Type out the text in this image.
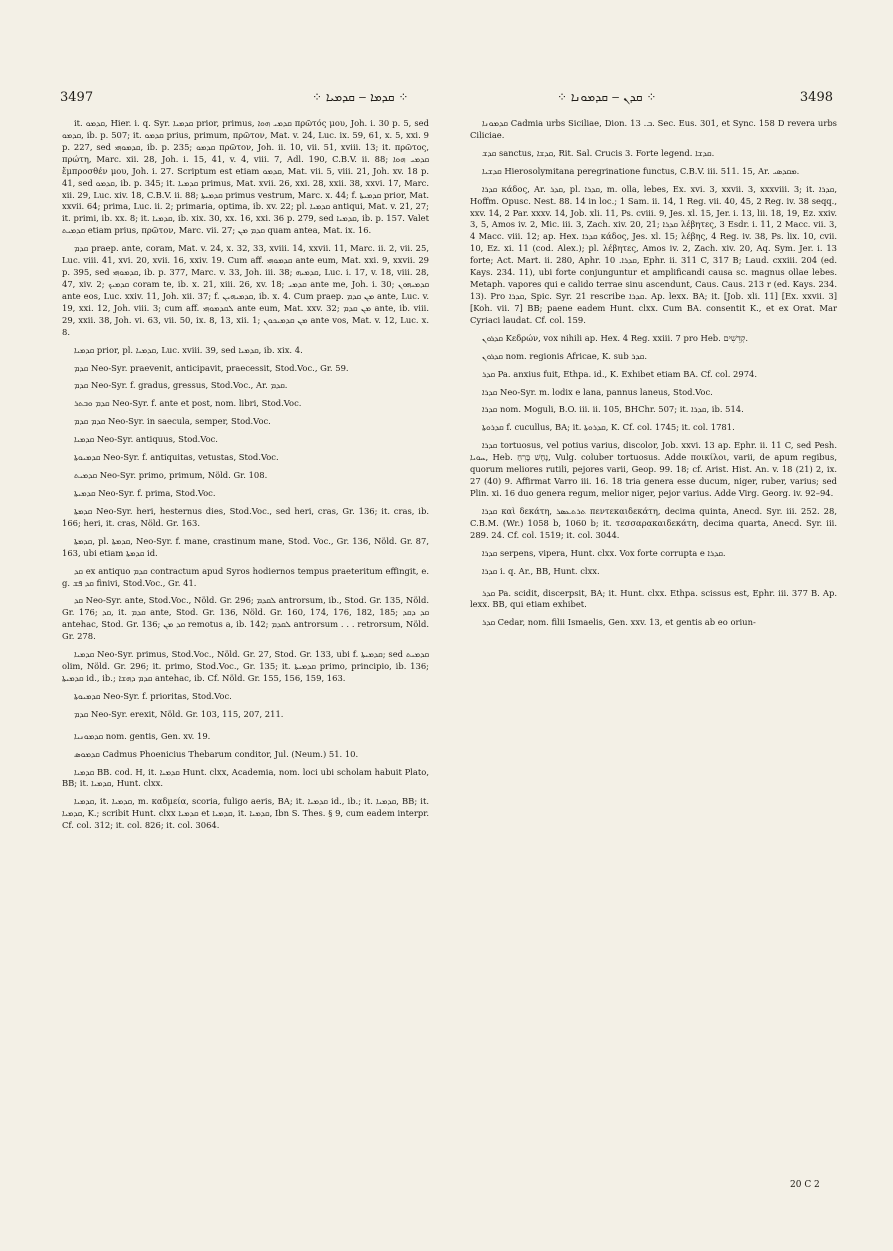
3497	⁘ ܩܕܡܐ ‒ ܩܕܡܝܐ ⁘	⁘ ܩܕܢ ‒ ܩܕܡܘܢܐ ⁘	3498

it. ܩܕܡܘ, Hier. i. q. Syr. ܩܕܡܝܐ prior, primus, ܩܕܡܝ ܗܘܐ πρῶτός μου, Joh. i. 30 p. 5, sed ܩܕܡܘ, ib. p. 507; it. ܩܕܡܘ prius, primum, πρῶτον, Mat. v. 24, Luc. ix. 59, 61, x. 5, xxi. 9 p. 227, sed ܩܕܡܘܗܝ, ib. p. 235; ܩܕܡܘ πρῶτον, Joh. ii. 10, vii. 51, xviii. 13; it. πρῶτος, πρώτη, Marc. xii. 28, Joh. i. 15, 41, v. 4, viii. 7, Adl. 190, C.B.V. ii. 88; ܩܕܡܝ ܗܘܐ ἔμπροσθέν μου, Joh. i. 27. Scriptum est etiam ܩܕܡܘ, Mat. vii. 5, viii. 21, Joh. xv. 18 p. 41, sed ܩܕܡܘ, ib. p. 345; it. ܩܕܡܝܐ primus, Mat. xvii. 26, xxi. 28, xxii. 38, xxvi. 17, Marc. xii. 29, Luc. xiv. 18, C.B.V. ii. 88; ܩܕܡܝܬܐ primus vestrum, Marc. x. 44; f. ܩܕܡܝܬܐ prior, Mat. xxvii. 64; prima, Luc. ii. 2; primaria, optima, ib. xv. 22; pl. ܩܕܡܝܐ antiqui, Mat. v. 21, 27; it. primi, ib. xx. 8; it. ܩܕܡܝܐ, ib. xix. 30, xx. 16, xxi. 36 p. 279, sed ܩܕܡܝܐ, ib. p. 157. Valet ܩܕܡܝܬ etiam prius, πρῶτον, Marc. vii. 27; ܩܕܡ ܡܢ quam antea, Mat. ix. 16.

ܩܕܡ praep. ante, coram, Mat. v. 24, x. 32, 33, xviii. 14, xxvii. 11, Marc. ii. 2, vii. 25, Luc. viii. 41, xvi. 20, xvii. 16, xxiv. 19. Cum aff. ܩܕܡܘܗܝ ante eum, Mat. xxi. 9, xxvii. 29 p. 395, sed ܩܕܡܘܗܝ, ib. p. 377, Marc. v. 33, Joh. iii. 38; ܩܕܡܝܗ, Luc. i. 17, v. 18, viii. 28, 47, xiv. 2; ܩܕܡܝܟ coram te, ib. x. 21, xiii. 26, xv. 18; ܩܕܡܝ ante me, Joh. i. 30; ܩܕܡܝܗܘܢ ante eos, Luc. xxiv. 11, Joh. xii. 37; f. ܩܕܡܝܗܝܢ, ib. x. 4. Cum praep. ܡܢ ܩܕܡ ante, Luc. v. 19, xxi. 12, Joh. viii. 3; cum aff. ܠܩܕܡܘܗܝ ante eum, Mat. xxv. 32; ܡܢ ܩܕܡ ante, ib. viii. 29, xxii. 38, Joh. vi. 63, vii. 50, ix. 8, 13, xii. 1; ܡܢ ܩܕܡܝܟܘܢ ante vos, Mat. v. 12, Luc. x. 8.

ܩܕܡܝܐ prior, pl. ܩܕܡܝܐ, Luc. xviii. 39, sed ܩܕܡܝܐ, ib. xix. 4.

ܩܕܡ Neo-Syr. praevenit, anticipavit, praecessit, Stod.Voc., Gr. 59.

ܩܕܡ Neo-Syr. f. gradus, gressus, Stod.Voc., Ar. ܩܕܡ.

ܩܕܡ ܘܒܬܪ Neo-Syr. f. ante et post, nom. libri, Stod.Voc.

ܩܕܡ ܩܕܡ Neo-Syr. in saecula, semper, Stod.Voc.

ܩܕܡܝܐ Neo-Syr. antiquus, Stod.Voc.

ܩܕܡܝܘܬܐ Neo-Syr. f. antiquitas, vetustas, Stod.Voc.

ܩܕܡܝܬ Neo-Syr. primo, primum, Nöld. Gr. 108.

ܩܕܡܝܬܐ Neo-Syr. f. prima, Stod.Voc.

ܩܕܡܬܐ Neo-Syr. heri, hesternus dies, Stod.Voc., sed heri, cras, Gr. 136; it. cras, ib. 166; heri, it. cras, Nöld. Gr. 163.

ܩܕܡܬܐ, pl. ܩܕܡܬܐ, Neo-Syr. f. mane, crastinum mane, Stod. Voc., Gr. 136, Nöld. Gr. 87, 163, ubi etiam ܩܕܡܬܐ id.

ܩܕ ex antiquo ܩܕܡ contractum apud Syros hodiernos tempus praeteritum effingit, e. g. ܩܕ ܦܫ finivi, Stod.Voc., Gr. 41.

ܩܕ Neo-Syr. ante, Stod.Voc., Nöld. Gr. 296; ܠܩܕܡ antrorsum, ib., Stod. Gr. 135, Nöld. Gr. 176; ܩܕ, it. ܩܕܡ ante, Stod. Gr. 136, Nöld. Gr. 160, 174, 176, 182, 185; ܩܕ ܕܩܕ antehac, Stod. Gr. 136; ܩܕ ܡܢ remotus a, ib. 142; ܠܩܕܡ antrorsum . . . retrorsum, Nöld. Gr. 278.

ܩܕܡܝܐ Neo-Syr. primus, Stod.Voc., Nöld. Gr. 27, Stod. Gr. 133, ubi f. ܩܕܡܝܬܐ; sed ܩܕܡܝܬ olim, Nöld. Gr. 296; it. primo, Stod.Voc., Gr. 135; it. ܩܕܡܝܬܐ primo, principio, ib. 136; ܩܕܡܝܬܐ id., ib.; ܩܕܡ ܕܗܫܐ antehac, ib. Cf. Nöld. Gr. 155, 156, 159, 163.

ܩܕܡܝܘܬܐ Neo-Syr. f. prioritas, Stod.Voc.

ܩܕܡ Neo-Syr. erexit, Nöld. Gr. 103, 115, 207, 211.

ܩܕܡܘܢܝܐ nom. gentis, Gen. xv. 19.

ܩܕܡܘܣ Cadmus Phoenicius Thebarum conditor, Jul. (Neum.) 51. 10.

ܩܕܡܝܐ BB. cod. H, it. ܩܕܡܝܐ Hunt. clxx, Academia, nom. loci ubi scholam habuit Plato, BB; it. ܩܕܡܝܐ, Hunt. clxx.

ܩܕܡܝܐ, it. ܩܕܡܝܐ, m. καδμεία, scoria, fuligo aeris, BA; it. ܩܕܡܝܐ id., ib.; it. ܩܕܡܝܐ, BB; it. ܩܕܡܝܐ, K.; scribit Hunt. clxx ܩܕܡܝܐ et ܩܕܡܝܐ, it. ܩܕܡܝܐ, Ibn S. Thes. § 9, cum eadem interpr. Cf. col. 312; it. col. 826; it. col. 3064.

ܩܕܡܘܢܐ Cadmia urbs Siciliae, Dion. ܒ. 13. Sec. Eus. 301, et Sync. 158 D revera urbs Ciliciae.

ܩܕܫ sanctus, ܩܕܫܐ, Rit. Sal. Crucis 3. Forte legend. ܩܕܫܐ.

ܩܕܫܝܐ Hierosolymitana peregrinatione functus, C.B.V. iii. 511. 15, Ar. ܡܩܕܣܝ.

ܩܕܪܐ κάδος, Ar. ܩܕܪ, pl. ܩܕܪܐ, m. olla, lebes, Ex. xvi. 3, xxvii. 3, xxxviii. 3; it. ܩܕܪܐ, Hoffm. Opusc. Nest. 88. 14 in loc.; 1 Sam. ii. 14, 1 Reg. vii. 40, 45, 2 Reg. iv. 38 seqq., xxv. 14, 2 Par. xxxv. 14, Job. xli. 11, Ps. cviii. 9, Jes. xl. 15, Jer. i. 13, lii. 18, 19, Ez. xxiv. 3, 5, Amos iv. 2, Mic. iii. 3, Zach. xiv. 20, 21; ܩܕܪܐ λέβητες, 3 Esdr. i. 11, 2 Macc. vii. 3, 4 Macc. viii. 12; ap. Hex. ܩܕܪܐ κάδος, Jes. xl. 15; λέβης, 4 Reg. iv. 38, Ps. lix. 10, cvii. 10, Ez. xi. 11 (cod. Alex.); pl. λέβητες, Amos iv. 2, Zach. xiv. 20, Aq. Sym. Jer. i. 13 forte; Act. Mart. ii. 280, Aphr. ܩܕܪܐ. 10, Ephr. ii. 311 C, 317 B; Laud. cxxiii. 204 (ed. Kays. 234. 11), ubi forte conjunguntur et amplificandi causa sc. magnus ollae lebes. Metaph. vapores qui e calido terrae sinu ascendunt, Caus. Caus. 213 r (ed. Kays. 234. 13). Pro ܩܕܪܐ, Spic. Syr. 21 rescribe ܩܕܪܐ. Ap. lexx. BA; it. [Job. xli. 11] [Ex. xxvii. 3] [Koh. vii. 7] BB; paene eadem Hunt. clxx. Cum BA. consentit K., et ex Orat. Mar Cyriaci laudat. Cf. col. 159.

ܩܕܪܘܢ Κεδρών, vox nihili ap. Hex. 4 Reg. xxiii. 7 pro Heb. קְדֵשִׁים.

ܩܕܪܘܢ nom. regionis Africae, K. sub ܩܕܪ.

ܩܕܪ Pa. anxius fuit, Ethpa. id., K. Exhibet etiam BA. Cf. col. 2974.

ܩܕܪܐ Neo-Syr. m. lodix e lana, pannus laneus, Stod.Voc.

ܩܕܪܐ nom. Moguli, B.O. iii. ii. 105, BHChr. 507; it. ܩܕܪܐ, ib. 514.

ܩܕܪܘܬܐ f. cucullus, BA; it. ܩܕܪܘܬܐ, K. Cf. col. 1745; it. col. 1781.

ܩܕܪܐ tortuosus, vel potius varius, discolor, Job. xxvi. 13 ap. Ephr. ii. 11 C, sed Pesh. ܚܘܝܐ, Heb. נָחָשׁ בָּרִחַ, Vulg. coluber tortuosus. Adde ποικίλοι, varii, de apum regibus, quorum meliores rutili, pejores varii, Geop. 99. 18; cf. Arist. Hist. An. v. 18 (21) 2, ix. 27 (40) 9. Affirmat Varro iii. 16. 18 tria genera esse ducum, niger, ruber, varius; sed Plin. xi. 16 duo genera regum, melior niger, pejor varius. Adde Virg. Georg. iv. 92–94.

ܩܕܪܐ καὶ δεκάτη, ܬܪܬܥܣܪ πεντεκαιδεκάτη, decima quinta, Anecd. Syr. iii. 252. 28, C.B.M. (Wr.) 1058 b, 1060 b; it. τεσσαρακαιδεκάτη, decima quarta, Anecd. Syr. iii. 289. 24. Cf. col. 1519; it. col. 3044.

ܩܕܪܐ serpens, vipera, Hunt. clxx. Vox forte corrupta e ܩܕܪܐ.

ܩܕܪܐ i. q. Ar., BB, Hunt. clxx.

ܩܕܪ Pa. scidit, discerpsit, BA; it. Hunt. clxx. Ethpa. scissus est, Ephr. iii. 377 B. Ap. lexx. BB, qui etiam exhibet.

ܩܕܪ Cedar, nom. filii Ismaelis, Gen. xxv. 13, et gentis ab eo oriun-

20 C 2
